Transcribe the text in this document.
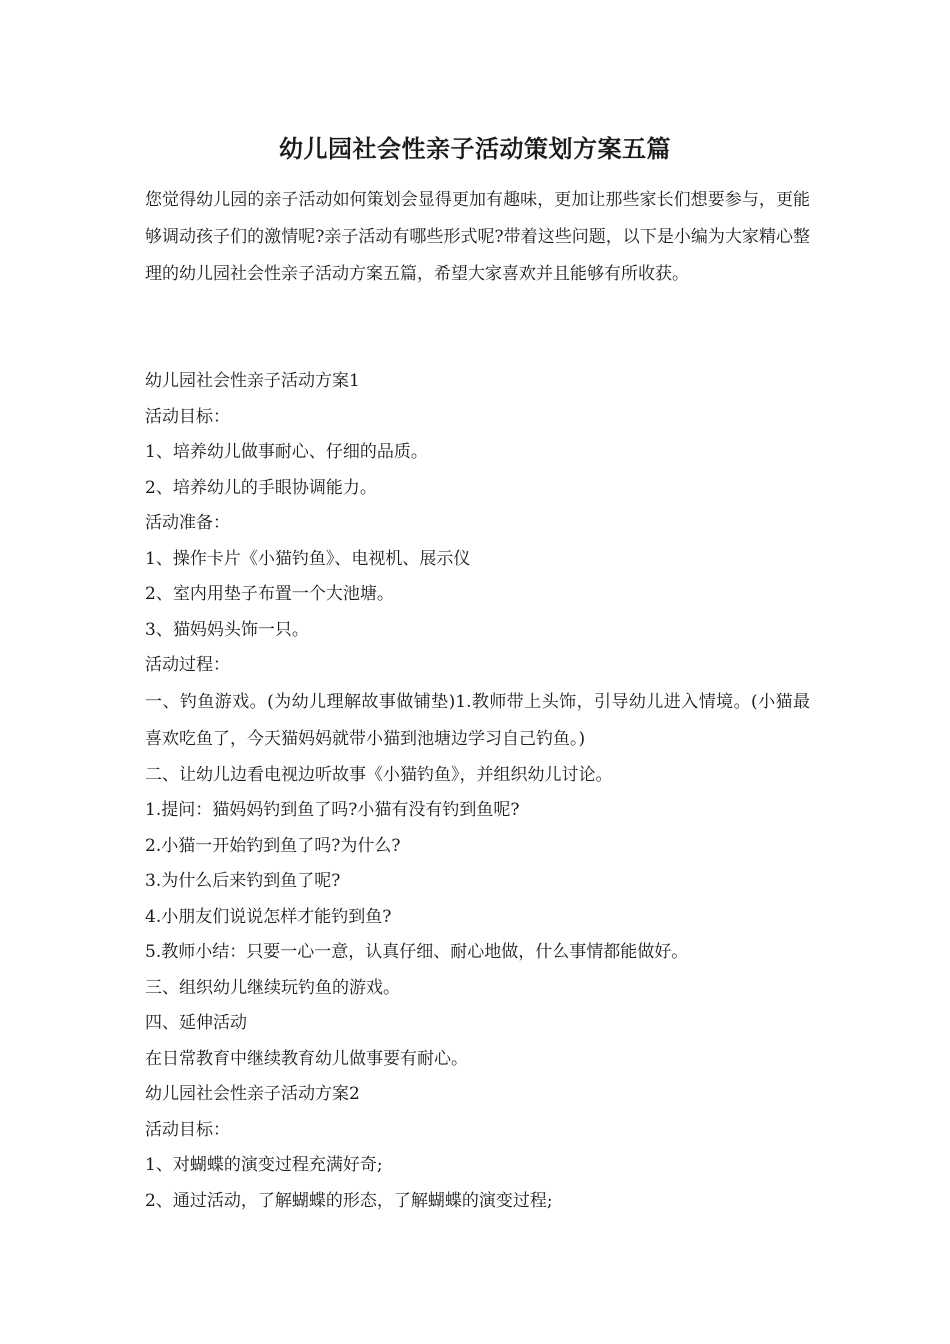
幼儿园社会性亲子活动策划方案五篇
您觉得幼儿园的亲子活动如何策划会显得更加有趣味，更加让那些家长们想要参与，更能够调动孩子们的激情呢?亲子活动有哪些形式呢?带着这些问题，以下是小编为大家精心整理的幼儿园社会性亲子活动方案五篇，希望大家喜欢并且能够有所收获。
幼儿园社会性亲子活动方案1
活动目标：
1、培养幼儿做事耐心、仔细的品质。
2、培养幼儿的手眼协调能力。
活动准备：
1、操作卡片《小猫钓鱼》、电视机、展示仪
2、室内用垫子布置一个大池塘。
3、猫妈妈头饰一只。
活动过程：
一、钓鱼游戏。(为幼儿理解故事做铺垫)1.教师带上头饰，引导幼儿进入情境。(小猫最喜欢吃鱼了，今天猫妈妈就带小猫到池塘边学习自己钓鱼。)
二、让幼儿边看电视边听故事《小猫钓鱼》，并组织幼儿讨论。
1.提问：猫妈妈钓到鱼了吗?小猫有没有钓到鱼呢?
2.小猫一开始钓到鱼了吗?为什么?
3.为什么后来钓到鱼了呢?
4.小朋友们说说怎样才能钓到鱼?
5.教师小结：只要一心一意，认真仔细、耐心地做，什么事情都能做好。
三、组织幼儿继续玩钓鱼的游戏。
四、延伸活动
在日常教育中继续教育幼儿做事要有耐心。
幼儿园社会性亲子活动方案2
活动目标：
1、对蝴蝶的演变过程充满好奇;
2、通过活动，了解蝴蝶的形态，了解蝴蝶的演变过程;
